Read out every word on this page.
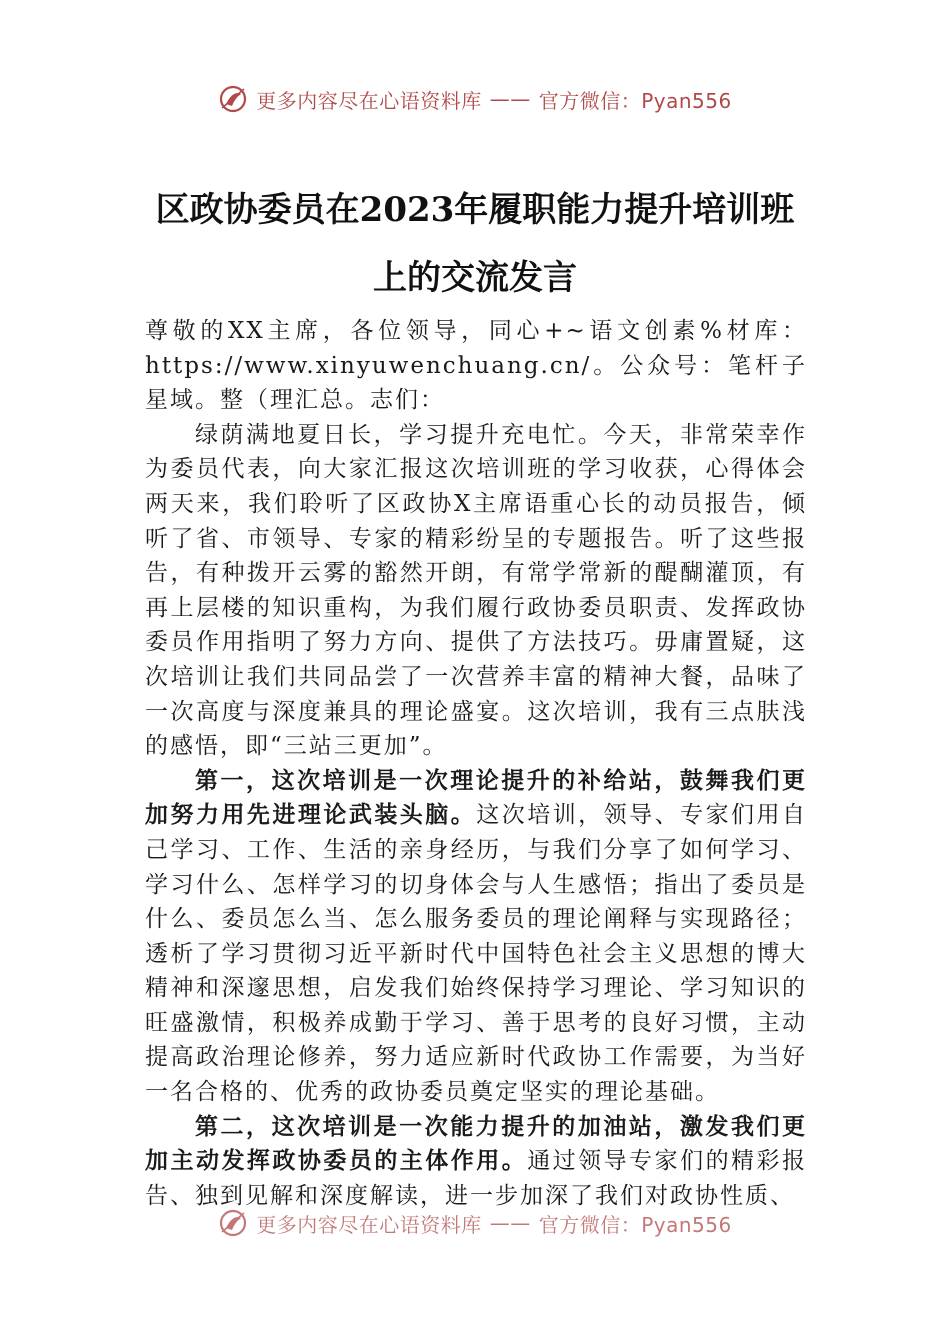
更多内容尽在心语资料库 —— 官方微信：Pyan556
区政协委员在2023年履职能力提升培训班
上的交流发言

尊敬的XX主席，各位领导，同心+~语文创素%材库：https://www.xinyuwenchuang.cn/。公众号：笔杆子星域。整（理汇总。志们：

绿荫满地夏日长，学习提升充电忙。今天，非常荣幸作为委员代表，向大家汇报这次培训班的学习收获，心得体会两天来，我们聆听了区政协X主席语重心长的动员报告，倾听了省、市领导、专家的精彩纷呈的专题报告。听了这些报告，有种拨开云雾的豁然开朗，有常学常新的醍醐灌顶，有再上层楼的知识重构，为我们履行政协委员职责、发挥政协委员作用指明了努力方向、提供了方法技巧。毋庸置疑，这次培训让我们共同品尝了一次营养丰富的精神大餐，品味了一次高度与深度兼具的理论盛宴。这次培训，我有三点肤浅的感悟，即“三站三更加”。

第一，这次培训是一次理论提升的补给站，鼓舞我们更加努力用先进理论武装头脑。这次培训，领导、专家们用自己学习、工作、生活的亲身经历，与我们分享了如何学习、学习什么、怎样学习的切身体会与人生感悟；指出了委员是什么、委员怎么当、怎么服务委员的理论阐释与实现路径；透析了学习贯彻习近平新时代中国特色社会主义思想的博大精神和深邃思想，启发我们始终保持学习理论、学习知识的旺盛激情，积极养成勤于学习、善于思考的良好习惯，主动提高政治理论修养，努力适应新时代政协工作需要，为当好一名合格的、优秀的政协委员奠定坚实的理论基础。

第二，这次培训是一次能力提升的加油站，激发我们更加主动发挥政协委员的主体作用。通过领导专家们的精彩报告、独到见解和深度解读，进一步加深了我们对政协性质、

更多内容尽在心语资料库 —— 官方微信：Pyan556
